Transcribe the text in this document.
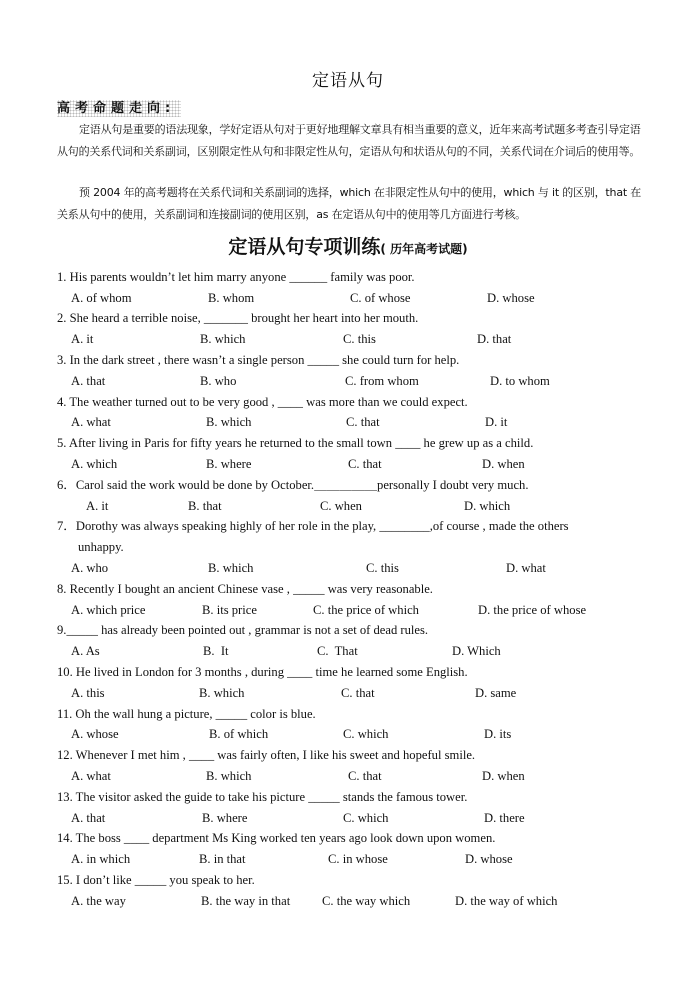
定语从句
高考命题走向:

定语从句是重要的语法现象，学好定语从句对于更好地理解文章具有相当重要的意义，近年来高考试题多考查引导定语从句的关系代词和关系副词，区别限定性从句和非限定性从句，定语从句和状语从句的不同，关系代词在介词后的使用等。

预 2004 年的高考题将在关系代词和关系副词的选择，which 在非限定性从句中的使用，which 与 it 的区别，that 在关系从句中的使用，关系副词和连接副词的使用区别，as 在定语从句中的使用等几方面进行考核。

定语从句专项训练( 历年高考试题)
1. His parents wouldn’t let him marry anyone ______ family was poor.
A. of whom	B. whom	C. of whose	D. whose
2. She heard a terrible noise, _______ brought her heart into her mouth.
A. it	B. which	C. this	D. that
3. In the dark street , there wasn’t a single person _____ she could turn for help.
A. that	B. who	C. from whom	D. to whom
4. The weather turned out to be very good , ____ was more than we could expect.
A. what	B. which	C. that	D. it
5. After living in Paris for fifty years he returned to the small town ____ he grew up as a child.
A. which	B. where	C. that	D. when
6．Carol said the work would be done by October.＿＿＿＿＿personally I doubt very much.
A. it	B. that	C. when	D. which
7．Dorothy was always speaking highly of her role in the play, ________,of course , made the others
unhappy.
A. who	B. which	C. this	D. what
8. Recently I bought an ancient Chinese vase , _____ was very reasonable.
A. which price	B. its price	C. the price of which	D. the price of whose
9._____ has already been pointed out , grammar is not a set of dead rules.
A. As	B.  It	C.  That	D. Which
10. He lived in London for 3 months , during ____ time he learned some English.
A. this	B. which	C. that	D. same
11. Oh the wall hung a picture, _____ color is blue.
A. whose	B. of which	C. which	D. its
12. Whenever I met him , ____ was fairly often, I like his sweet and hopeful smile.
A. what	B. which	C. that	D. when
13. The visitor asked the guide to take his picture _____ stands the famous tower.
A. that	B. where	C. which	D. there
14. The boss ____ department Ms King worked ten years ago look down upon women.
A. in which	B. in that	C. in whose	D. whose
15. I don’t like _____ you speak to her.
A. the way	B. the way in that	C. the way which	D. the way of which
